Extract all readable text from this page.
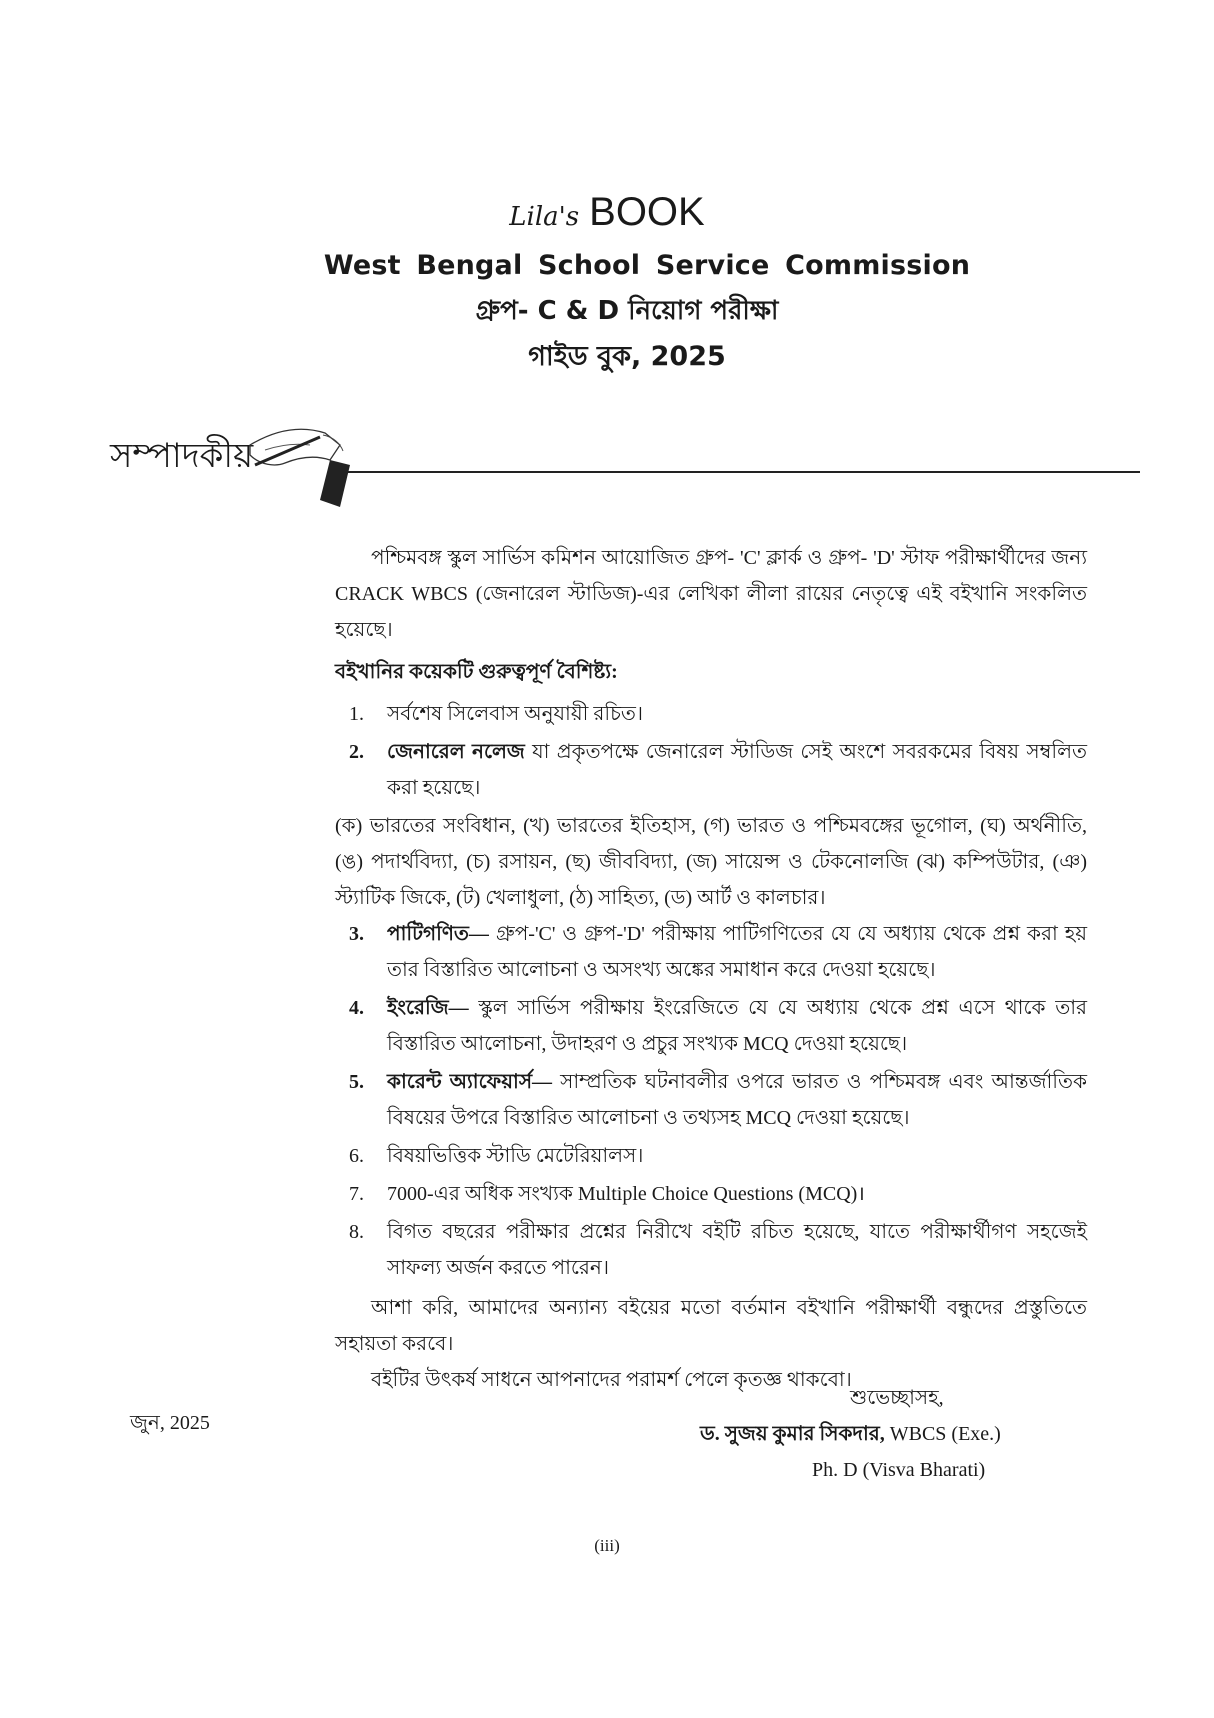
Lila's BOOK
West Bengal School Service Commission
গ্রুপ- C & D নিয়োগ পরীক্ষা
গাইড বুক, 2025
সম্পাদকীয়

পশ্চিমবঙ্গ স্কুল সার্ভিস কমিশন আয়োজিত গ্রুপ- 'C' ক্লার্ক ও গ্রুপ- 'D' স্টাফ পরীক্ষার্থীদের জন্য CRACK WBCS (জেনারেল স্টাডিজ)-এর লেখিকা লীলা রায়ের নেতৃত্বে এই বইখানি সংকলিত হয়েছে।

বইখানির কয়েকটি গুরুত্বপূর্ণ বৈশিষ্ট্য:

1.	সর্বশেষ সিলেবাস অনুযায়ী রচিত।
2.	জেনারেল নলেজ যা প্রকৃতপক্ষে জেনারেল স্টাডিজ সেই অংশে সবরকমের বিষয় সম্বলিত করা হয়েছে।

(ক) ভারতের সংবিধান, (খ) ভারতের ইতিহাস, (গ) ভারত ও পশ্চিমবঙ্গের ভূগোল, (ঘ) অর্থনীতি, (ঙ) পদার্থবিদ্যা, (চ) রসায়ন, (ছ) জীববিদ্যা, (জ) সায়েন্স ও টেকনোলজি (ঝ) কম্পিউটার, (ঞ) স্ট্যাটিক জিকে, (ট) খেলাধুলা, (ঠ) সাহিত্য, (ড) আর্ট ও কালচার।

3.	পাটিগণিত— গ্রুপ-'C' ও গ্রুপ-'D' পরীক্ষায় পাটিগণিতের যে যে অধ্যায় থেকে প্রশ্ন করা হয় তার বিস্তারিত আলোচনা ও অসংখ্য অঙ্কের সমাধান করে দেওয়া হয়েছে।
4.	ইংরেজি— স্কুল সার্ভিস পরীক্ষায় ইংরেজিতে যে যে অধ্যায় থেকে প্রশ্ন এসে থাকে তার বিস্তারিত আলোচনা, উদাহরণ ও প্রচুর সংখ্যক MCQ দেওয়া হয়েছে।
5.	কারেন্ট অ্যাফেয়ার্স— সাম্প্রতিক ঘটনাবলীর ওপরে ভারত ও পশ্চিমবঙ্গ এবং আন্তর্জাতিক বিষয়ের উপরে বিস্তারিত আলোচনা ও তথ্যসহ MCQ দেওয়া হয়েছে।
6.	বিষয়ভিত্তিক স্টাডি মেটেরিয়ালস।
7.	7000-এর অধিক সংখ্যক Multiple Choice Questions (MCQ)।
8.	বিগত বছরের পরীক্ষার প্রশ্নের নিরীখে বইটি রচিত হয়েছে, যাতে পরীক্ষার্থীগণ সহজেই সাফল্য অর্জন করতে পারেন।

আশা করি, আমাদের অন্যান্য বইয়ের মতো বর্তমান বইখানি পরীক্ষার্থী বন্ধুদের প্রস্তুতিতে সহায়তা করবে।

বইটির উৎকর্ষ সাধনে আপনাদের পরামর্শ পেলে কৃতজ্ঞ থাকবো।

জুন, 2025
শুভেচ্ছাসহ,
ড. সুজয় কুমার সিকদার, WBCS (Exe.)
Ph. D (Visva Bharati)
(iii)
